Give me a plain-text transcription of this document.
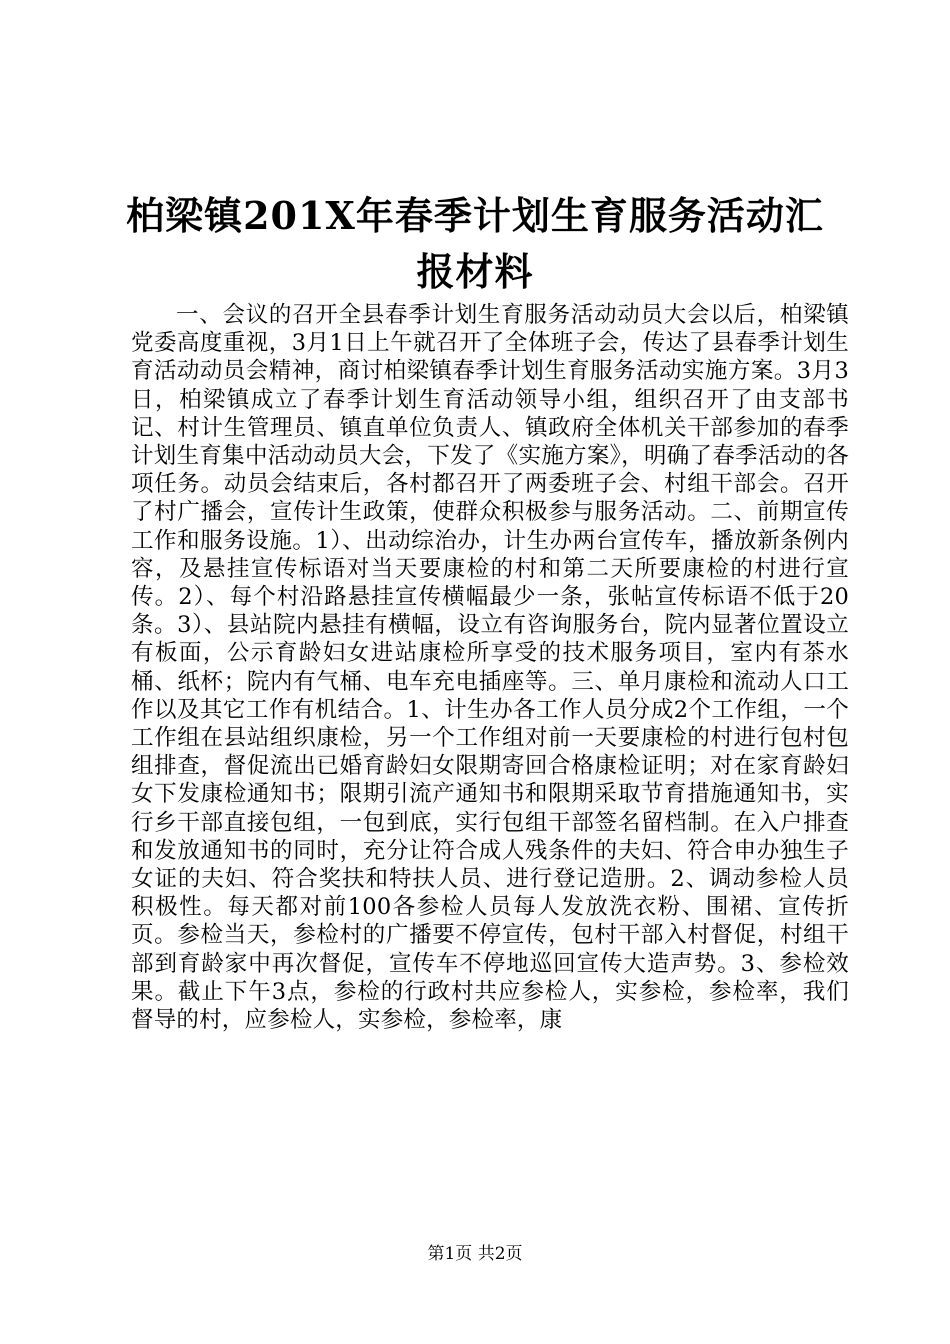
柏梁镇201X年春季计划生育服务活动汇报材料

一、会议的召开全县春季计划生育服务活动动员大会以后，柏梁镇党委高度重视，3月1日上午就召开了全体班子会，传达了县春季计划生育活动动员会精神，商讨柏梁镇春季计划生育服务活动实施方案。3月3日，柏梁镇成立了春季计划生育活动领导小组，组织召开了由支部书记、村计生管理员、镇直单位负责人、镇政府全体机关干部参加的春季计划生育集中活动动员大会，下发了《实施方案》，明确了春季活动的各项任务。动员会结束后，各村都召开了两委班子会、村组干部会。召开了村广播会，宣传计生政策，使群众积极参与服务活动。二、前期宣传工作和服务设施。1）、出动综治办，计生办两台宣传车，播放新条例内容，及悬挂宣传标语对当天要康检的村和第二天所要康检的村进行宣传。2）、每个村沿路悬挂宣传横幅最少一条，张帖宣传标语不低于20条。3）、县站院内悬挂有横幅，设立有咨询服务台，院内显著位置设立有板面，公示育龄妇女进站康检所享受的技术服务项目，室内有茶水桶、纸杯；院内有气桶、电车充电插座等。三、单月康检和流动人口工作以及其它工作有机结合。1、计生办各工作人员分成2个工作组，一个工作组在县站组织康检，另一个工作组对前一天要康检的村进行包村包组排查，督促流出已婚育龄妇女限期寄回合格康检证明；对在家育龄妇女下发康检通知书；限期引流产通知书和限期采取节育措施通知书，实行乡干部直接包组，一包到底，实行包组干部签名留档制。在入户排查和发放通知书的同时，充分让符合成人残条件的夫妇、符合申办独生子女证的夫妇、符合奖扶和特扶人员、进行登记造册。2、调动参检人员积极性。每天都对前100各参检人员每人发放洗衣粉、围裙、宣传折页。参检当天，参检村的广播要不停宣传，包村干部入村督促，村组干部到育龄家中再次督促，宣传车不停地巡回宣传大造声势。3、参检效果。截止下午3点，参检的行政村共应参检人，实参检，参检率，我们督导的村，应参检人，实参检，参检率，康

第1页 共2页
